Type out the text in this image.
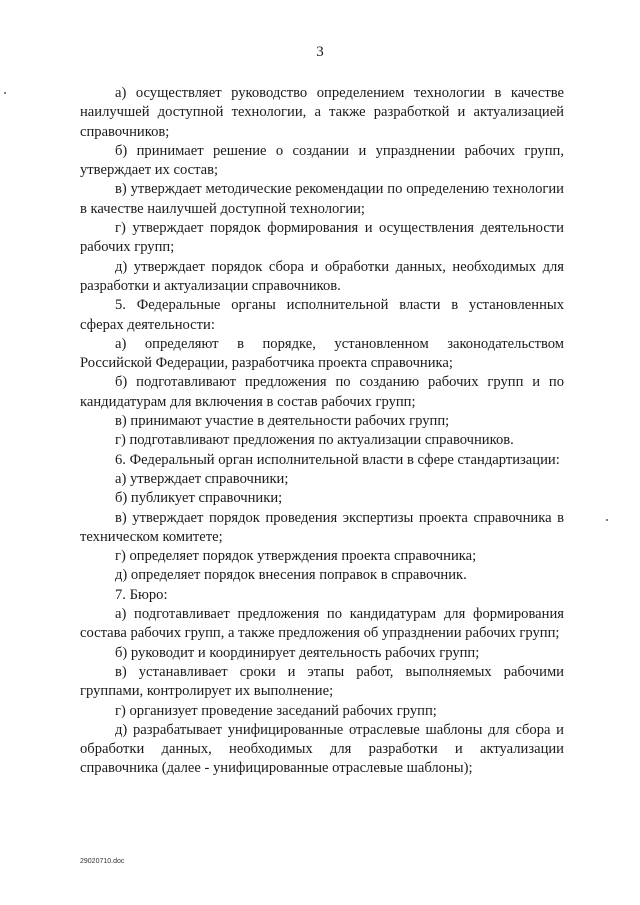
3

а) осуществляет руководство определением технологии в качестве наилучшей доступной технологии, а также разработкой и актуализацией справочников;

б) принимает решение о создании и упразднении рабочих групп, утверждает их состав;

в) утверждает методические рекомендации по определению технологии в качестве наилучшей доступной технологии;

г) утверждает порядок формирования и осуществления деятельности рабочих групп;

д) утверждает порядок сбора и обработки данных, необходимых для разработки и актуализации справочников.

5. Федеральные органы исполнительной власти в установленных сферах деятельности:

а) определяют в порядке, установленном законодательством Российской Федерации, разработчика проекта справочника;

б) подготавливают предложения по созданию рабочих групп и по кандидатурам для включения в состав рабочих групп;

в) принимают участие в деятельности рабочих групп;

г) подготавливают предложения по актуализации справочников.

6. Федеральный орган исполнительной власти в сфере стандартизации:

а) утверждает справочники;

б) публикует справочники;

в) утверждает порядок проведения экспертизы проекта справочника в техническом комитете;

г) определяет порядок утверждения проекта справочника;

д) определяет порядок внесения поправок в справочник.

7. Бюро:

а) подготавливает предложения по кандидатурам для формирования состава рабочих групп, а также предложения об упразднении рабочих групп;

б) руководит и координирует деятельность рабочих групп;

в) устанавливает сроки и этапы работ, выполняемых рабочими группами, контролирует их выполнение;

г) организует проведение заседаний рабочих групп;

д) разрабатывает унифицированные отраслевые шаблоны для сбора и обработки данных, необходимых для разработки и актуализации справочника (далее - унифицированные отраслевые шаблоны);

29020710.doc
